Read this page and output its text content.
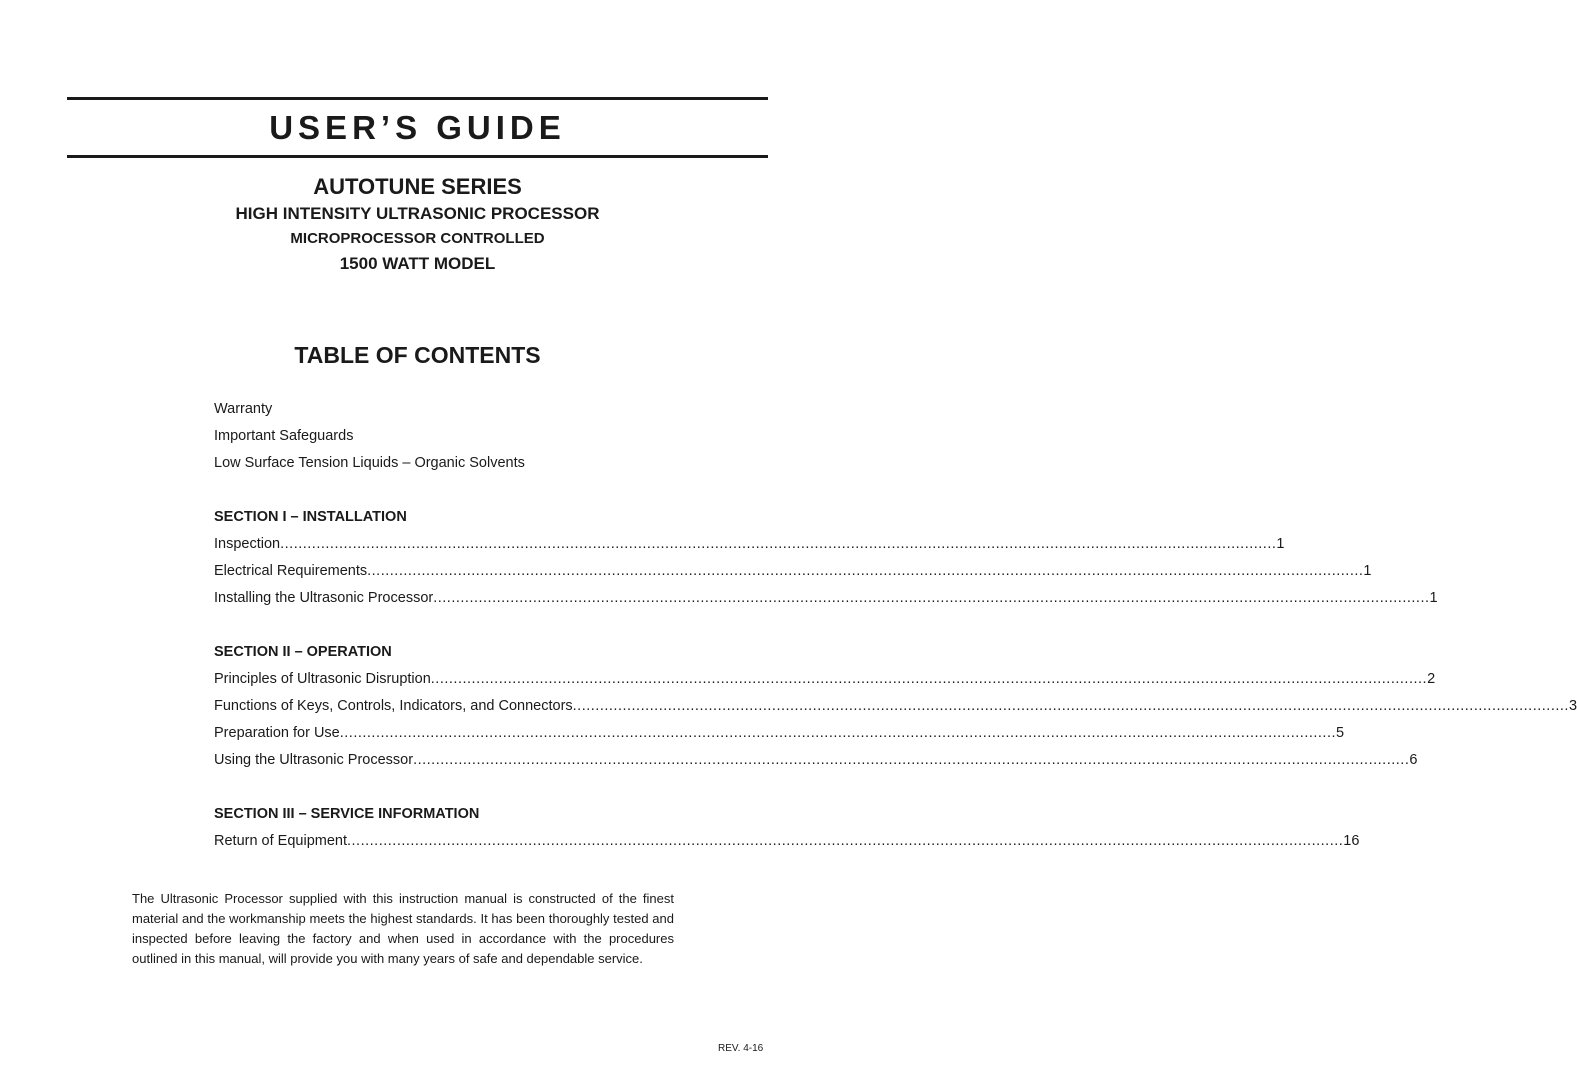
USER’S GUIDE
AUTOTUNE SERIES
HIGH INTENSITY ULTRASONIC PROCESSOR
MICROPROCESSOR CONTROLLED
1500 WATT MODEL
TABLE OF CONTENTS
Warranty
Important Safeguards
Low Surface Tension Liquids – Organic Solvents
SECTION I – INSTALLATION
Inspection ............................................................................................................................................................................................................................ 1
Electrical Requirements ............................................................................................................................................................................................................................ 1
Installing the Ultrasonic Processor ............................................................................................................................................................................................................................ 1
SECTION II – OPERATION
Principles of Ultrasonic Disruption ............................................................................................................................................................................................................................ 2
Functions of Keys, Controls, Indicators, and Connectors ............................................................................................................................................................................................................................ 3
Preparation for Use ............................................................................................................................................................................................................................ 5
Using the Ultrasonic Processor ............................................................................................................................................................................................................................ 6
SECTION III – SERVICE INFORMATION
Return of Equipment ............................................................................................................................................................................................................................ 16
The Ultrasonic Processor supplied with this instruction manual is constructed of the finest material and the workmanship meets the highest standards. It has been thoroughly tested and inspected before leaving the factory and when used in accordance with the procedures outlined in this manual, will provide you with many years of safe and dependable service.
REV. 4-16
